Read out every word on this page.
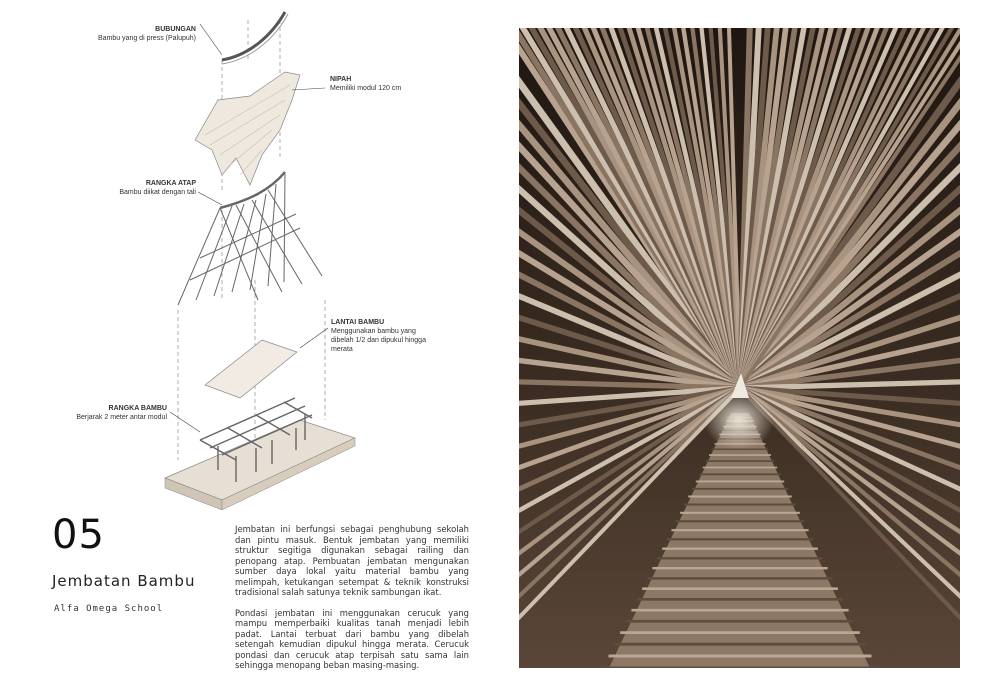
BUBUNGAN
Bambu yang di press (Palupuh)
NIPAH
Memiliki modul 120 cm
RANGKA ATAP
Bambu diikat dengan tali
LANTAI BAMBU
Menggunakan bambu yang
dibelah 1/2 dan dipukul hingga
merata
RANGKA BAMBU
Berjarak 2 meter antar modul
05
Jembatan Bambu
Alfa Omega School

Jembatan ini berfungsi sebagai penghubung sekolah dan pintu masuk. Bentuk jembatan yang memiliki struktur segitiga digunakan sebagai railing dan penopang atap. Pembuatan jembatan mengunakan sumber daya lokal yaitu material bambu yang melimpah, ketukangan setempat & teknik konstruksi tradisional salah satunya teknik sambungan ikat.

Pondasi jembatan ini menggunakan cerucuk yang mampu memperbaiki kualitas tanah menjadi lebih padat. Lantai terbuat dari bambu yang dibelah setengah kemudian dipukul hingga merata. Cerucuk pondasi dan cerucuk atap terpisah satu sama lain sehingga menopang beban masing-masing.
